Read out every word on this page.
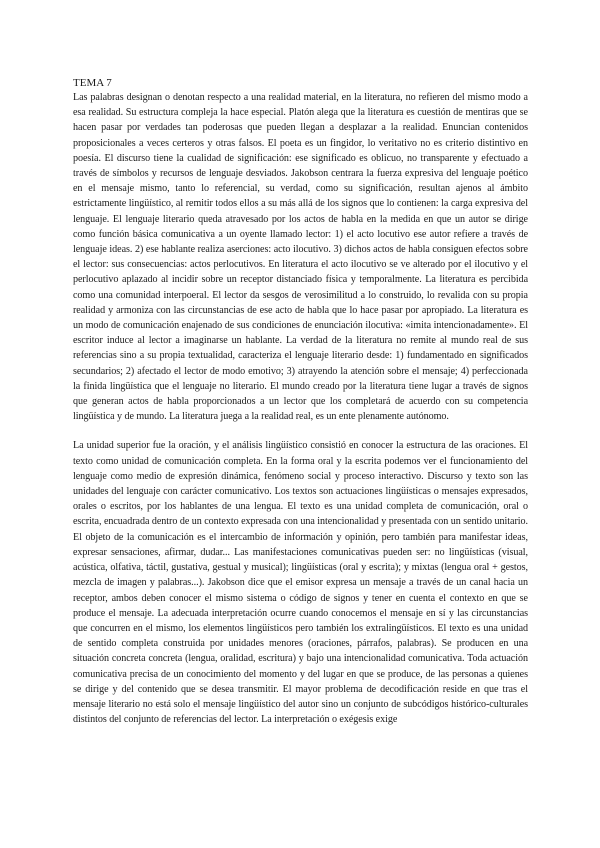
TEMA 7

Las palabras designan o denotan respecto a una realidad material, en la literatura, no refieren del mismo modo a esa realidad. Su estructura compleja la hace especial. Platón alega que la literatura es cuestión de mentiras que se hacen pasar por verdades tan poderosas que pueden llegan a desplazar a la realidad. Enuncian contenidos proposicionales a veces certeros y otras falsos. El poeta es un fingidor, lo veritativo no es criterio distintivo en poesía. El discurso tiene la cualidad de significación: ese significado es oblicuo, no transparente y efectuado a través de símbolos y recursos de lenguaje desviados. Jakobson centrara la fuerza expresiva del lenguaje poético en el mensaje mismo, tanto lo referencial, su verdad, como su significación, resultan ajenos al ámbito estrictamente lingüístico, al remitir todos ellos a su más allá de los signos que lo contienen: la carga expresiva del lenguaje. El lenguaje literario queda atravesado por los actos de habla en la medida en que un autor se dirige como función básica comunicativa a un oyente llamado lector: 1) el acto locutivo ese autor refiere a través de lenguaje ideas. 2) ese hablante realiza aserciones: acto ilocutivo. 3) dichos actos de habla consiguen efectos sobre el lector: sus consecuencias: actos perlocutivos. En literatura el acto ilocutivo se ve alterado por el ilocutivo y el perlocutivo aplazado al incidir sobre un receptor distanciado física y temporalmente. La literatura es percibida como una comunidad interpoeral. El lector da sesgos de verosimilitud a lo construido, lo revalida con su propia realidad y armoniza con las circunstancias de ese acto de habla que lo hace pasar por apropiado. La literatura es un modo de comunicación enajenado de sus condiciones de enunciación ilocutiva: «imita intencionadamente». El escritor induce al lector a imaginarse un hablante. La verdad de la literatura no remite al mundo real de sus referencias sino a su propia textualidad, caracteriza el lenguaje literario desde: 1) fundamentado en significados secundarios; 2) afectado el lector de modo emotivo; 3) atrayendo la atención sobre el mensaje; 4) perfeccionada la finida lingüística que el lenguaje no literario. El mundo creado por la literatura tiene lugar a través de signos que generan actos de habla proporcionados a un lector que los completará de acuerdo con su competencia lingüística y de mundo. La literatura juega a la realidad real, es un ente plenamente autónomo.

La unidad superior fue la oración, y el análisis lingüístico consistió en conocer la estructura de las oraciones. El texto como unidad de comunicación completa. En la forma oral y la escrita podemos ver el funcionamiento del lenguaje como medio de expresión dinámica, fenómeno social y proceso interactivo. Discurso y texto son las unidades del lenguaje con carácter comunicativo. Los textos son actuaciones lingüísticas o mensajes expresados, orales o escritos, por los hablantes de una lengua. El texto es una unidad completa de comunicación, oral o escrita, encuadrada dentro de un contexto expresada con una intencionalidad y presentada con un sentido unitario. El objeto de la comunicación es el intercambio de información y opinión, pero también para manifestar ideas, expresar sensaciones, afirmar, dudar... Las manifestaciones comunicativas pueden ser: no lingüísticas (visual, acústica, olfativa, táctil, gustativa, gestual y musical); lingüísticas (oral y escrita); y mixtas (lengua oral + gestos, mezcla de imagen y palabras...). Jakobson dice que el emisor expresa un mensaje a través de un canal hacia un receptor, ambos deben conocer el mismo sistema o código de signos y tener en cuenta el contexto en que se produce el mensaje. La adecuada interpretación ocurre cuando conocemos el mensaje en sí y las circunstancias que concurren en el mismo, los elementos lingüísticos pero también los extralingüísticos. El texto es una unidad de sentido completa construida por unidades menores (oraciones, párrafos, palabras). Se producen en una situación concreta concreta (lengua, oralidad, escritura) y bajo una intencionalidad comunicativa. Toda actuación comunicativa precisa de un conocimiento del momento y del lugar en que se produce, de las personas a quienes se dirige y del contenido que se desea transmitir. El mayor problema de decodificación reside en que tras el mensaje literario no está solo el mensaje lingüístico del autor sino un conjunto de subcódigos histórico-culturales distintos del conjunto de referencias del lector. La interpretación o exégesis exige
